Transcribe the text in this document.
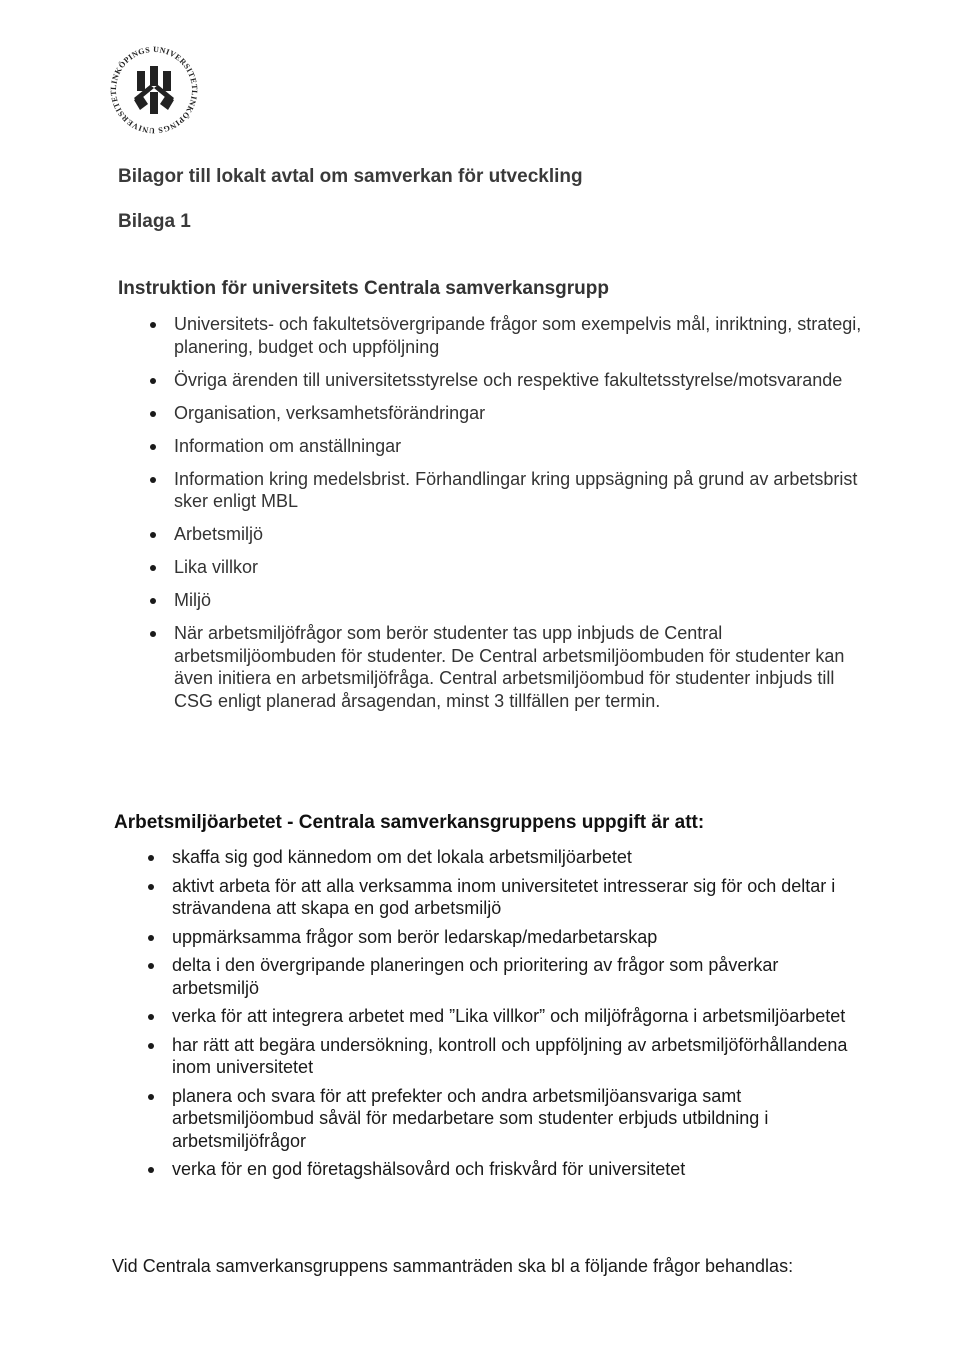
LINKÖPINGS UNIVERSITET
LINKÖPINGS UNIVERSITET
Bilagor till lokalt avtal om samverkan för utveckling
Bilaga 1
Instruktion för universitets Centrala samverkansgrupp
Universitets- och fakultetsövergripande frågor som exempelvis mål, inriktning, strategi, planering, budget och uppföljning
Övriga ärenden till universitetsstyrelse och respektive fakultetsstyrelse/motsvarande
Organisation, verksamhetsförändringar
Information om anställningar
Information kring medelsbrist. Förhandlingar kring uppsägning på grund av arbetsbrist sker enligt MBL
Arbetsmiljö
Lika villkor
Miljö
När arbetsmiljöfrågor som berör studenter tas upp inbjuds de Central arbetsmiljöombuden för studenter. De Central arbetsmiljöombuden för studenter kan även initiera en arbetsmiljöfråga. Central arbetsmiljöombud för studenter inbjuds till CSG enligt planerad årsagendan, minst 3 tillfällen per termin.
Arbetsmiljöarbetet - Centrala samverkansgruppens uppgift är att:
skaffa sig god kännedom om det lokala arbetsmiljöarbetet
aktivt arbeta för att alla verksamma inom universitetet intresserar sig för och deltar i strävandena att skapa en god arbetsmiljö
uppmärksamma frågor som berör ledarskap/medarbetarskap
delta i den övergripande planeringen och prioritering av frågor som påverkar arbetsmiljö
verka för att integrera arbetet med ”Lika villkor” och miljöfrågorna i arbetsmiljöarbetet
har rätt att begära undersökning, kontroll och uppföljning av arbetsmiljöförhållandena inom universitetet
planera och svara för att prefekter och andra arbetsmiljöansvariga samt arbetsmiljöombud såväl för medarbetare som studenter erbjuds utbildning i arbetsmiljöfrågor
verka för en god företagshälsovård och friskvård för universitetet

Vid Centrala samverkansgruppens sammanträden ska bl a följande frågor behandlas:
